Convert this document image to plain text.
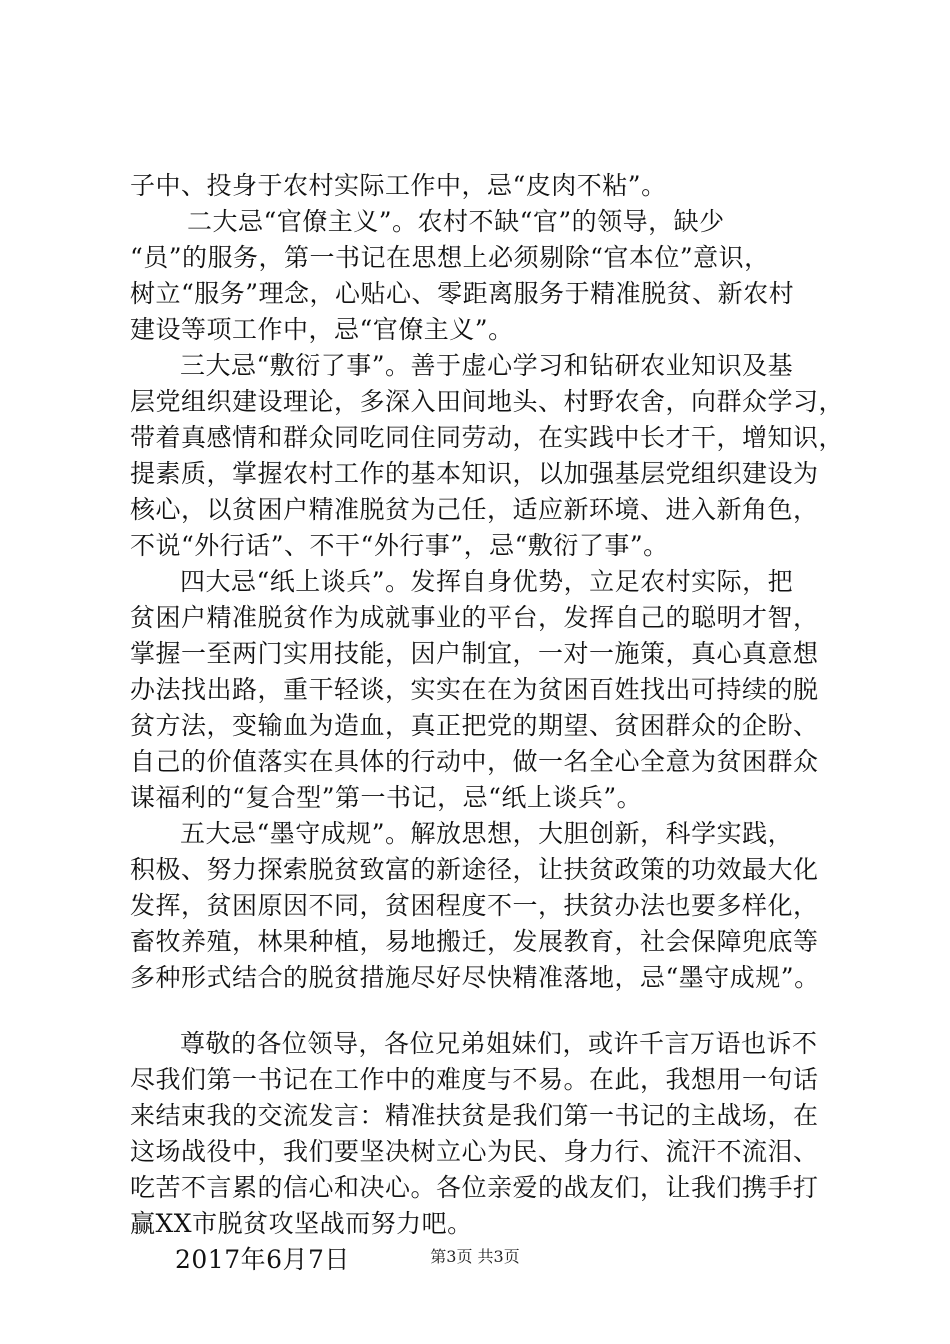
子中、投身于农村实际工作中，忌“皮肉不粘”。
二大忌“官僚主义”。农村不缺“官”的领导，缺少
“员”的服务，第一书记在思想上必须剔除“官本位”意识，
树立“服务”理念，心贴心、零距离服务于精准脱贫、新农村
建设等项工作中，忌“官僚主义”。
三大忌“敷衍了事”。善于虚心学习和钻研农业知识及基
层党组织建设理论，多深入田间地头、村野农舍，向群众学习，
带着真感情和群众同吃同住同劳动，在实践中长才干，增知识，
提素质，掌握农村工作的基本知识，以加强基层党组织建设为
核心，以贫困户精准脱贫为己任，适应新环境、进入新角色，
不说“外行话”、不干“外行事”，忌“敷衍了事”。
四大忌“纸上谈兵”。发挥自身优势，立足农村实际，把
贫困户精准脱贫作为成就事业的平台，发挥自己的聪明才智，
掌握一至两门实用技能，因户制宜，一对一施策，真心真意想
办法找出路，重干轻谈，实实在在为贫困百姓找出可持续的脱
贫方法，变输血为造血，真正把党的期望、贫困群众的企盼、
自己的价值落实在具体的行动中，做一名全心全意为贫困群众
谋福利的“复合型”第一书记，忌“纸上谈兵”。
五大忌“墨守成规”。解放思想，大胆创新，科学实践，
积极、努力探索脱贫致富的新途径，让扶贫政策的功效最大化
发挥，贫困原因不同，贫困程度不一，扶贫办法也要多样化，
畜牧养殖，林果种植，易地搬迁，发展教育，社会保障兜底等
多种形式结合的脱贫措施尽好尽快精准落地，忌“墨守成规”。
尊敬的各位领导，各位兄弟姐妹们，或许千言万语也诉不
尽我们第一书记在工作中的难度与不易。在此，我想用一句话
来结束我的交流发言：精准扶贫是我们第一书记的主战场，在
这场战役中，我们要坚决树立心为民、身力行、流汗不流泪、
吃苦不言累的信心和决心。各位亲爱的战友们，让我们携手打
赢XX市脱贫攻坚战而努力吧。
2017年6月7日	第3页 共3页
